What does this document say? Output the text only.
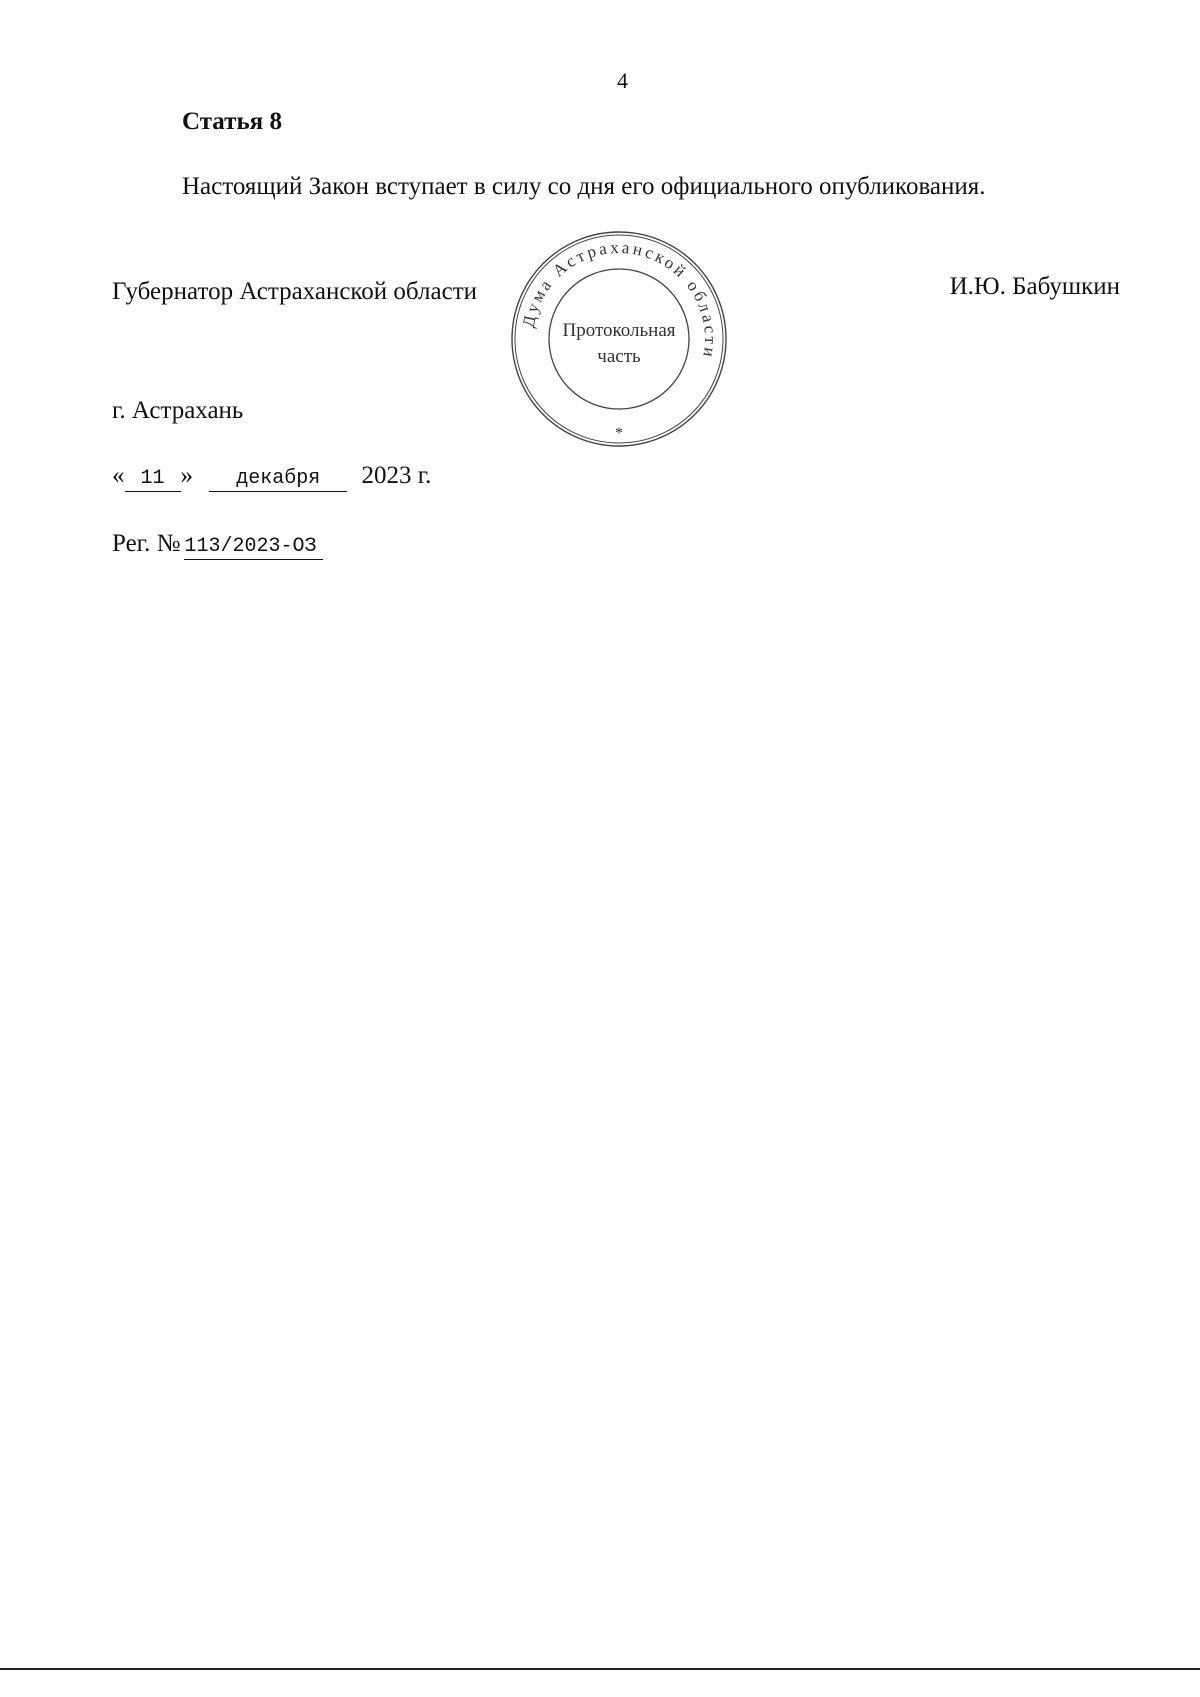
4
Статья 8
Настоящий Закон вступает в силу со дня его официального опубликования.
Губернатор Астраханской области	И.Ю. Бабушкин
Дума Астраханской области
Протокольная
часть
*
г. Астрахань
« 11 » декабря 2023 г.
Рег. № 113/2023-ОЗ
